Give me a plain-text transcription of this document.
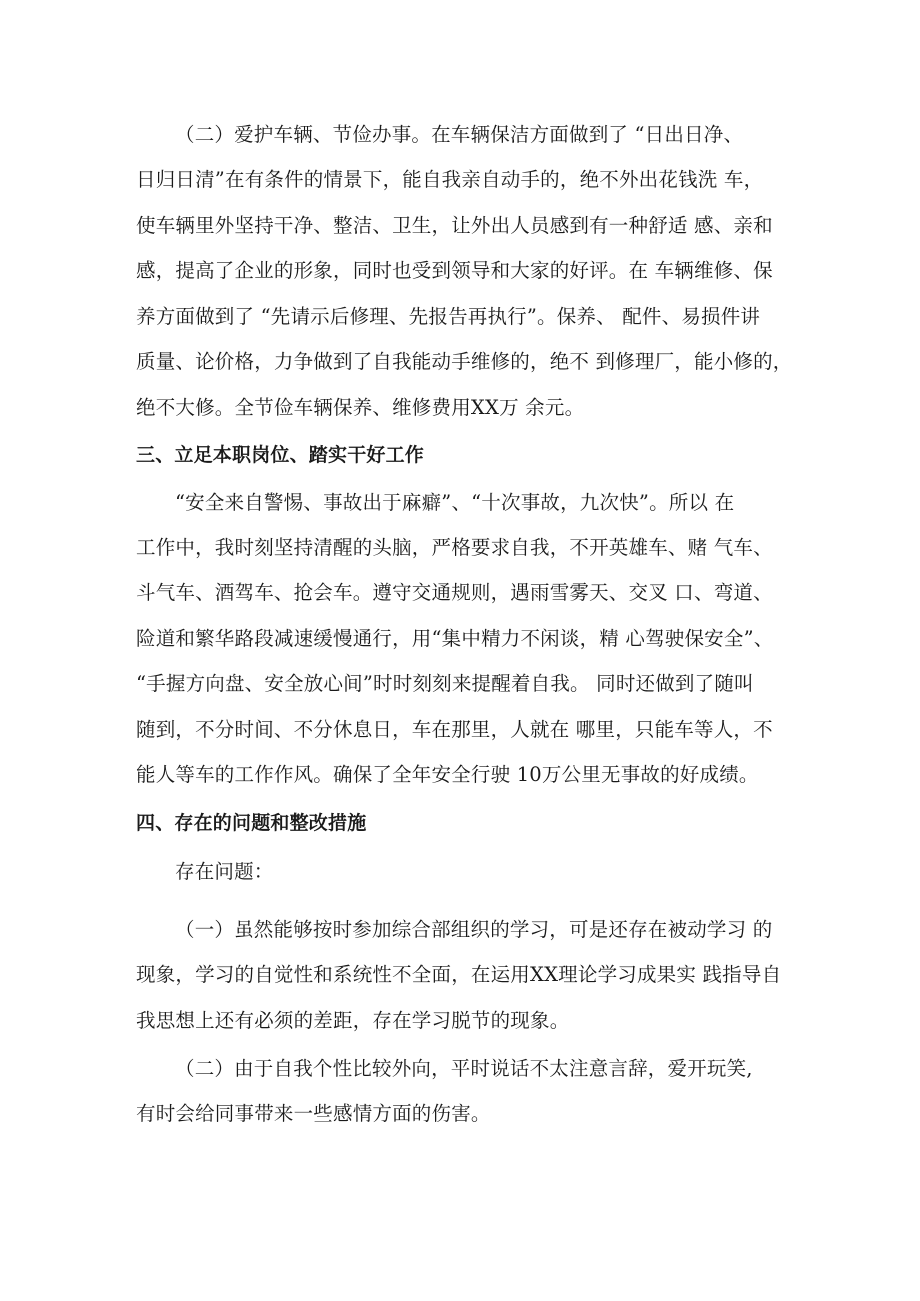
（二）爱护车辆、节俭办事。在车辆保洁方面做到了 “日出日净、
日归日清”在有条件的情景下，能自我亲自动手的，绝不外出花钱洗 车，
使车辆里外坚持干净、整洁、卫生，让外出人员感到有一种舒适 感、亲和
感，提高了企业的形象，同时也受到领导和大家的好评。在 车辆维修、保
养方面做到了 “先请示后修理、先报告再执行”。保养、 配件、易损件讲
质量、论价格，力争做到了自我能动手维修的，绝不 到修理厂，能小修的，
绝不大修。全节俭车辆保养、维修费用XX万 余元。
三、立足本职岗位、踏实干好工作
“安全来自警惕、事故出于麻癖”、“十次事故，九次快”。所以 在
工作中，我时刻坚持清醒的头脑，严格要求自我，不开英雄车、赌 气车、
斗气车、酒驾车、抢会车。遵守交通规则，遇雨雪雾天、交叉 口、弯道、
险道和繁华路段减速缓慢通行，用“集中精力不闲谈，精 心驾驶保安全”、
“手握方向盘、安全放心间”时时刻刻来提醒着自我。 同时还做到了随叫
随到，不分时间、不分休息日，车在那里，人就在 哪里，只能车等人，不
能人等车的工作作风。确保了全年安全行驶 10万公里无事故的好成绩。
四、存在的问题和整改措施
存在问题：
（一）虽然能够按时参加综合部组织的学习，可是还存在被动学习 的
现象，学习的自觉性和系统性不全面，在运用XX理论学习成果实 践指导自
我思想上还有必须的差距，存在学习脱节的现象。
（二）由于自我个性比较外向，平时说话不太注意言辞，爱开玩笑,
有时会给同事带来一些感情方面的伤害。
